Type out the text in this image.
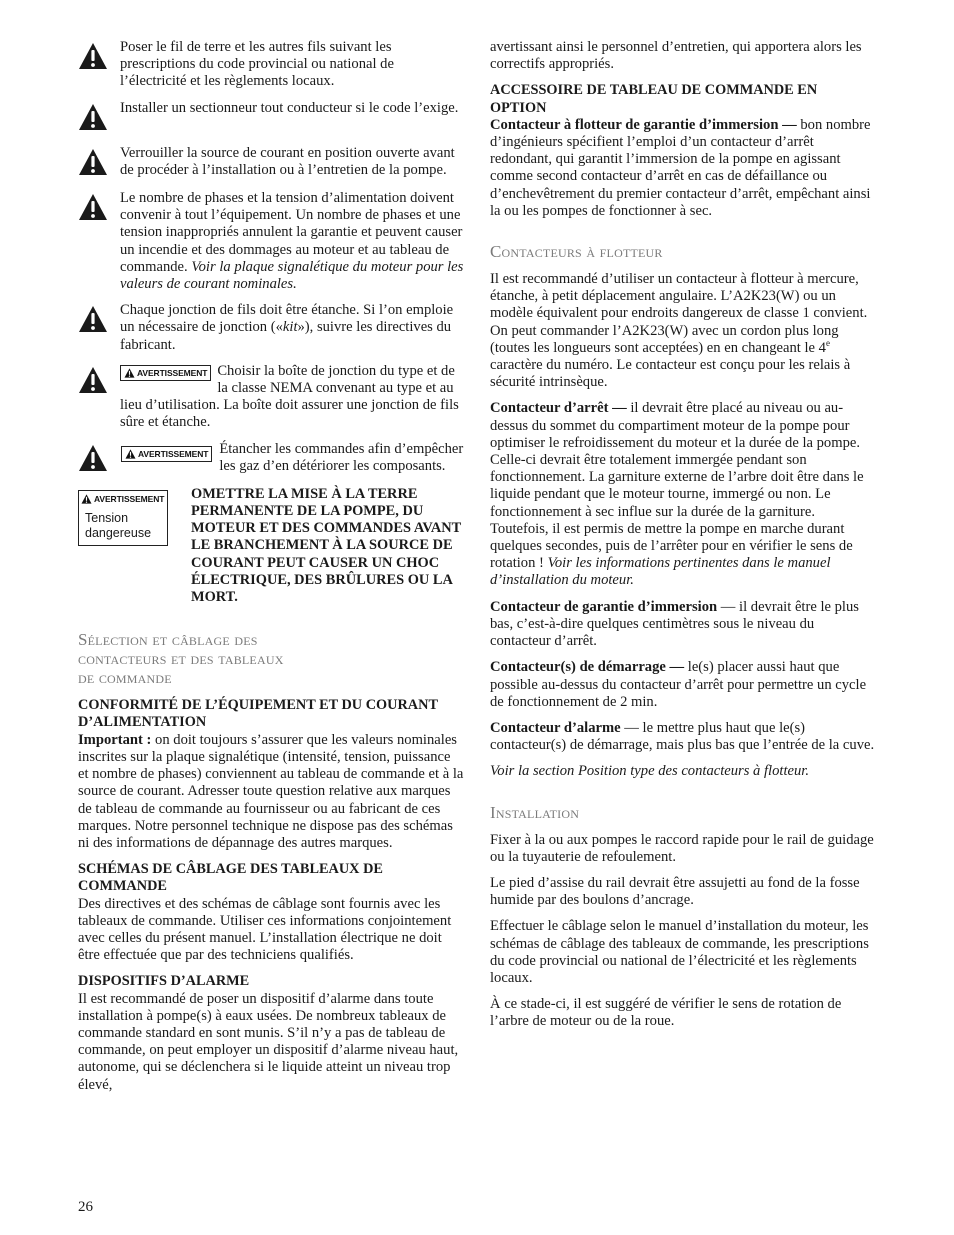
Poser le fil de terre et les autres fils suivant les prescriptions du code provincial ou national de l’électricité et les règlements locaux.
Installer un sectionneur tout conducteur si le code l’exige.
Verrouiller la source de courant en position ouverte avant de procéder à l’installation ou à l’entretien de la pompe.
Le nombre de phases et la tension d’alimentation doivent convenir à tout l’équipement. Un nombre de phases et une tension inappropriés annulent la garantie et peuvent causer un incendie et des dommages au moteur et au tableau de commande. Voir la plaque signalétique du moteur pour les valeurs de courant nominales.
Chaque jonction de fils doit être étanche. Si l’on emploie un nécessaire de jonction («kit»), suivre les directives du fabricant.
AVERTISSEMENT Choisir la boîte de jonction du type et de la classe NEMA convenant au type et au lieu d’utilisation. La boîte doit assurer une jonction de fils sûre et étanche.
AVERTISSEMENT Étancher les commandes afin d’empêcher les gaz d’en détériorer les composants.
AVERTISSEMENT
Tension
dangereuse
OMETTRE LA MISE À LA TERRE PERMANENTE DE LA POMPE, DU MOTEUR ET DES COMMANDES AVANT LE BRANCHEMENT À LA SOURCE DE COURANT PEUT CAUSER UN CHOC ÉLECTRIQUE, DES BRÛLURES OU LA MORT.
Sélection et câblage des
contacteurs et des tableaux
de commande
CONFORMITÉ DE L’ÉQUIPEMENT ET DU COURANT D’ALIMENTATION

Important : on doit toujours s’assurer que les valeurs nominales inscrites sur la plaque signalétique (intensité, tension, puissance et nombre de phases) conviennent au tableau de commande et à la source de courant. Adresser toute question relative aux marques de tableau de commande au fournisseur ou au fabricant de ces marques. Notre personnel technique ne dispose pas des schémas ni des informations de dépannage des autres marques.

SCHÉMAS DE CÂBLAGE DES TABLEAUX DE COMMANDE

Des directives et des schémas de câblage sont fournis avec les tableaux de commande. Utiliser ces informations conjointement avec celles du présent manuel. L’installation électrique ne doit être effectuée que par des techniciens qualifiés.

DISPOSITIFS D’ALARME

Il est recommandé de poser un dispositif d’alarme dans toute installation à pompe(s) à eaux usées. De nombreux tableaux de commande standard en sont munis. S’il n’y a pas de tableau de commande, on peut employer un dispositif d’alarme niveau haut, autonome, qui se déclenchera si le liquide atteint un niveau trop élevé,

avertissant ainsi le personnel d’entretien, qui apportera alors les correctifs appropriés.

ACCESSOIRE DE TABLEAU DE COMMANDE EN OPTION

Contacteur à flotteur de garantie d’immersion — bon nombre d’ingénieurs spécifient l’emploi d’un contacteur d’arrêt redondant, qui garantit l’immersion de la pompe en agissant comme second contacteur d’arrêt en cas de défaillance ou d’enchevêtrement du premier contacteur d’arrêt, empêchant ainsi la ou les pompes de fonctionner à sec.

Contacteurs à flotteur

Il est recommandé d’utiliser un contacteur à flotteur à mercure, étanche, à petit déplacement angulaire. L’A2K23(W) ou un modèle équivalent pour endroits dangereux de classe 1 convient. On peut commander l’A2K23(W) avec un cordon plus long (toutes les longueurs sont acceptées) en en changeant le 4e caractère du numéro. Le contacteur est conçu pour les relais à sécurité intrinsèque.

Contacteur d’arrêt — il devrait être placé au niveau ou au-dessus du sommet du compartiment moteur de la pompe pour optimiser le refroidissement du moteur et la durée de la pompe. Celle-ci devrait être totalement immergée pendant son fonctionnement. La garniture externe de l’arbre doit être dans le liquide pendant que le moteur tourne, immergé ou non. Le fonctionnement à sec influe sur la durée de la garniture. Toutefois, il est permis de mettre la pompe en marche durant quelques secondes, puis de l’arrêter pour en vérifier le sens de rotation ! Voir les informations pertinentes dans le manuel d’installation du moteur.

Contacteur de garantie d’immersion — il devrait être le plus bas, c’est-à-dire quelques centimètres sous le niveau du contacteur d’arrêt.

Contacteur(s) de démarrage — le(s) placer aussi haut que possible au-dessus du contacteur d’arrêt pour permettre un cycle de fonctionnement de 2 min.

Contacteur d’alarme — le mettre plus haut que le(s) contacteur(s) de démarrage, mais plus bas que l’entrée de la cuve.

Voir la section Position type des contacteurs à flotteur.

Installation

Fixer à la ou aux pompes le raccord rapide pour le rail de guidage ou la tuyauterie de refoulement.

Le pied d’assise du rail devrait être assujetti au fond de la fosse humide par des boulons d’ancrage.

Effectuer le câblage selon le manuel d’installation du moteur, les schémas de câblage des tableaux de commande, les prescriptions du code provincial ou national de l’électricité et les règlements locaux.

À ce stade-ci, il est suggéré de vérifier le sens de rotation de l’arbre de moteur ou de la roue.

26
